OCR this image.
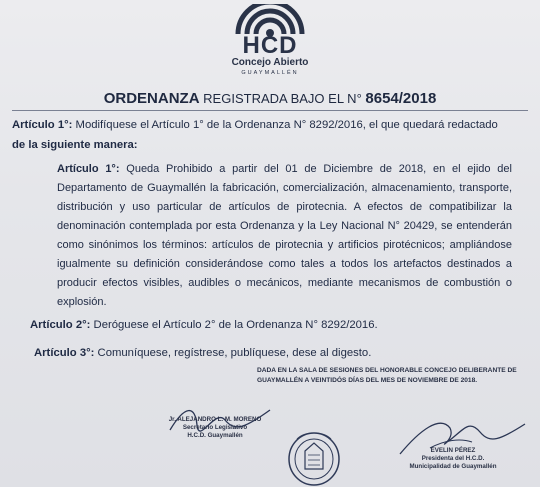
HCD
Concejo Abierto
GUAYMALLÉN
ORDENANZA REGISTRADA BAJO EL N° 8654/2018
Artículo 1°: Modifíquese el Artículo 1° de la Ordenanza N° 8292/2016, el que quedará redactado
de la siguiente manera:
Artículo 1°: Queda Prohibido a partir del 01 de Diciembre de 2018, en el ejido del Departamento de Guaymallén la fabricación, comercialización, almacenamiento, transporte, distribución y uso particular de artículos de pirotecnia. A efectos de compatibilizar la denominación contemplada por esta Ordenanza y la Ley Nacional N° 20429, se entenderán como sinónimos los términos: artículos de pirotecnia y artificios pirotécnicos; ampliándose igualmente su definición considerándose como tales a todos los artefactos destinados a producir efectos visibles, audibles o mecánicos, mediante mecanismos de combustión o explosión.
Artículo 2°: Deróguese el Artículo 2° de la Ordenanza N° 8292/2016.
Artículo 3°: Comuníquese, regístrese, publíquese, dese al digesto.
DADA EN LA SALA DE SESIONES DEL HONORABLE CONCEJO DELIBERANTE DE GUAYMALLÉN A VEINTIDÓS DÍAS DEL MES DE NOVIEMBRE DE 2018.
Jr. ALEJANDRO L. M. MORENO
Secretario Legislativo
H.C.D. Guaymallén
EVELIN PÉREZ
Presidenta del H.C.D.
Municipalidad de Guaymallén
